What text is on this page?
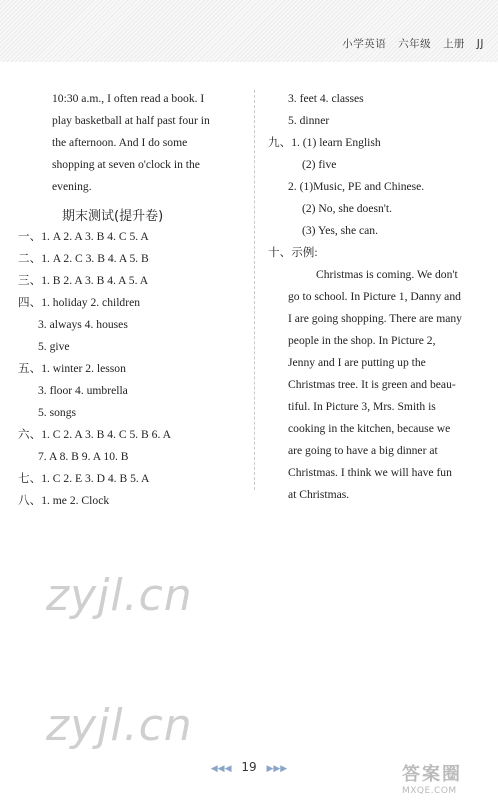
小学英语 六年级 上册 JJ
10:30 a.m., I often read a book. I
play basketball at half past four in
the afternoon. And I do some
shopping at seven o'clock in the
evening.
期末测试(提升卷)
一、1. A 2. A 3. B 4. C 5. A
二、1. A 2. C 3. B 4. A 5. B
三、1. B 2. A 3. B 4. A 5. A
四、1. holiday 2. children
3. always 4. houses
5. give
五、1. winter 2. lesson
3. floor 4. umbrella
5. songs
六、1. C 2. A 3. B 4. C 5. B 6. A
7. A 8. B 9. A 10. B
七、1. C 2. E 3. D 4. B 5. A
八、1. me 2. Clock
3. feet 4. classes
5. dinner
九、1. (1) learn English
(2) five
2. (1)Music, PE and Chinese.
(2) No, she doesn't.
(3) Yes, she can.
十、示例:
Christmas is coming. We don't
go to school. In Picture 1, Danny and
I are going shopping. There are many
people in the shop. In Picture 2,
Jenny and I are putting up the
Christmas tree. It is green and beau-
tiful. In Picture 3, Mrs. Smith is
cooking in the kitchen, because we
are going to have a big dinner at
Christmas. I think we will have fun
at Christmas.
zyjl.cn
zyjl.cn
◀◀◀ 19 ▶▶▶	答案圈
MXQE.COM
